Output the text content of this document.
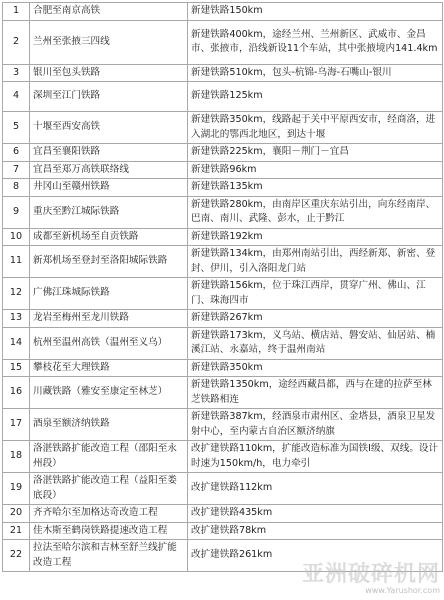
1	合肥至南京高铁	新建铁路150km
2	兰州至张掖三四线	新建铁路400km，途经兰州、兰州新区、武威市、金昌市、张掖市，沿线新设11个车站，其中张掖境内141.4km
3	银川至包头铁路	新建铁路510km，包头-杭锦-乌海-石嘴山-银川
4	深圳至江门铁路	新建铁路125km
5	十堰至西安高铁	新建铁路350km，线路起于关中平原西安市，经商洛，进入湖北的鄂西北地区，到达十堰
6	宜昌至襄阳铁路	新建铁路225km，襄阳－荆门－宜昌
7	宜昌至郑万高铁联络线	新建铁路96km
8	井冈山至赣州铁路	新建铁路135km
9	重庆至黔江城际铁路	新建铁路280km，由南岸区重庆东站引出，向东经南岸、巴南、南川、武隆、彭水，止于黔江
10	成都至新机场至自贡铁路	新建铁路192km
11	新郑机场至登封至洛阳城际铁路	新建铁路134km，由郑州南站引出，西经新郑、新密、登封、伊川，引入洛阳龙门站
12	广佛江珠城际铁路	新建铁路156km，位于珠江西岸，贯穿广州、佛山、江门、珠海四市
13	龙岩至梅州至龙川铁路	新建铁路267km
14	杭州至温州高铁（温州至义乌）	新建铁路173km，义乌站、横店站、磐安站、仙居站、楠溪江站、永嘉站，终于温州南站
15	攀枝花至大理铁路	新建铁路350km
16	川藏铁路（雅安至康定至林芝）	新建铁路1350km，途经西藏昌都，西与在建的拉萨至林芝铁路相连
17	酒泉至额济纳铁路	新建铁路387km，经酒泉市肃州区、金塔县，酒泉卫星发射中心，至内蒙古自治区额济纳旗
18	洛湛铁路扩能改造工程（邵阳至永州段）	改扩建铁路110km，扩能改造标准为国铁Ⅰ级、双线。设计时速为150km/h，电力牵引
19	洛湛铁路扩能改造工程（益阳至娄底段）	改扩建铁路112km
20	齐齐哈尔至加格达奇改造工程	改扩建铁路435km
21	佳木斯至鹤岗铁路提速改造工程	改扩建铁路78km
22	拉法至哈尔滨和吉林至舒兰线扩能改造工程	改扩建铁路261km
亚洲破碎机网
www.Yarushor.com
